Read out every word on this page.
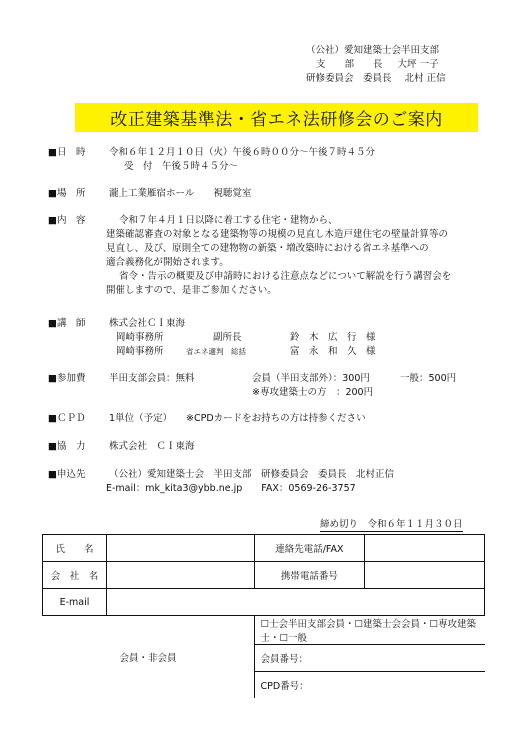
（公社）愛知建築士会半田支部
支　　部　　長 大坪 一子
研修委員会　委員長 北村 正信
改正建築基準法・省エネ法研修会のご案内
■日　時 令和６年１２月１０日（火）午後６時００分～午後７時４５分
受　付　午後５時４５分～
■場　所 瀧上工業雁宿ホール　　視聴覚室
■内　容	令和７年４月１日以降に着工する住宅・建物から、
建築確認審査の対象となる建築物等の規模の見直し木造戸建住宅の壁量計算等の
見直し、及び、原則全ての建物物の新築・増改築時における省エネ基準への
適合義務化が開始されます。
省令・告示の概要及び申請時における注意点などについて解説を行う講習会を
開催しますので、是非ご参加ください。
■講　師 株式会社ＣＩ東海
岡崎事務所	副所長	鈴　木　広　行　様
岡崎事務所	省エネ適判　総括	富　永　和　久　様
■参加費 半田支部会員：無料	会員（半田支部外）：300円	一般：500円
※専攻建築士の方　：200円
■ＣＰＤ 1単位（予定） ※CPDカードをお持ちの方は持参ください
■協　力 株式会社　ＣＩ東海
■申込先 （公社）愛知建築士会　半田支部　研修委員会　委員長　北村正信
E-mail：mk_kita3@ybb.ne.jp　　FAX：0569-26-3757
締め切り　令和６年１１月３０日
氏　　名		連絡先電話/FAX	
会　社　名		携帯電話番号	
E-mail			
会員・非会員		☐士会半田支部会員・☐建築士会会員・☐専攻建築士・☐一般	
		会員番号：	
		CPD番号：	
